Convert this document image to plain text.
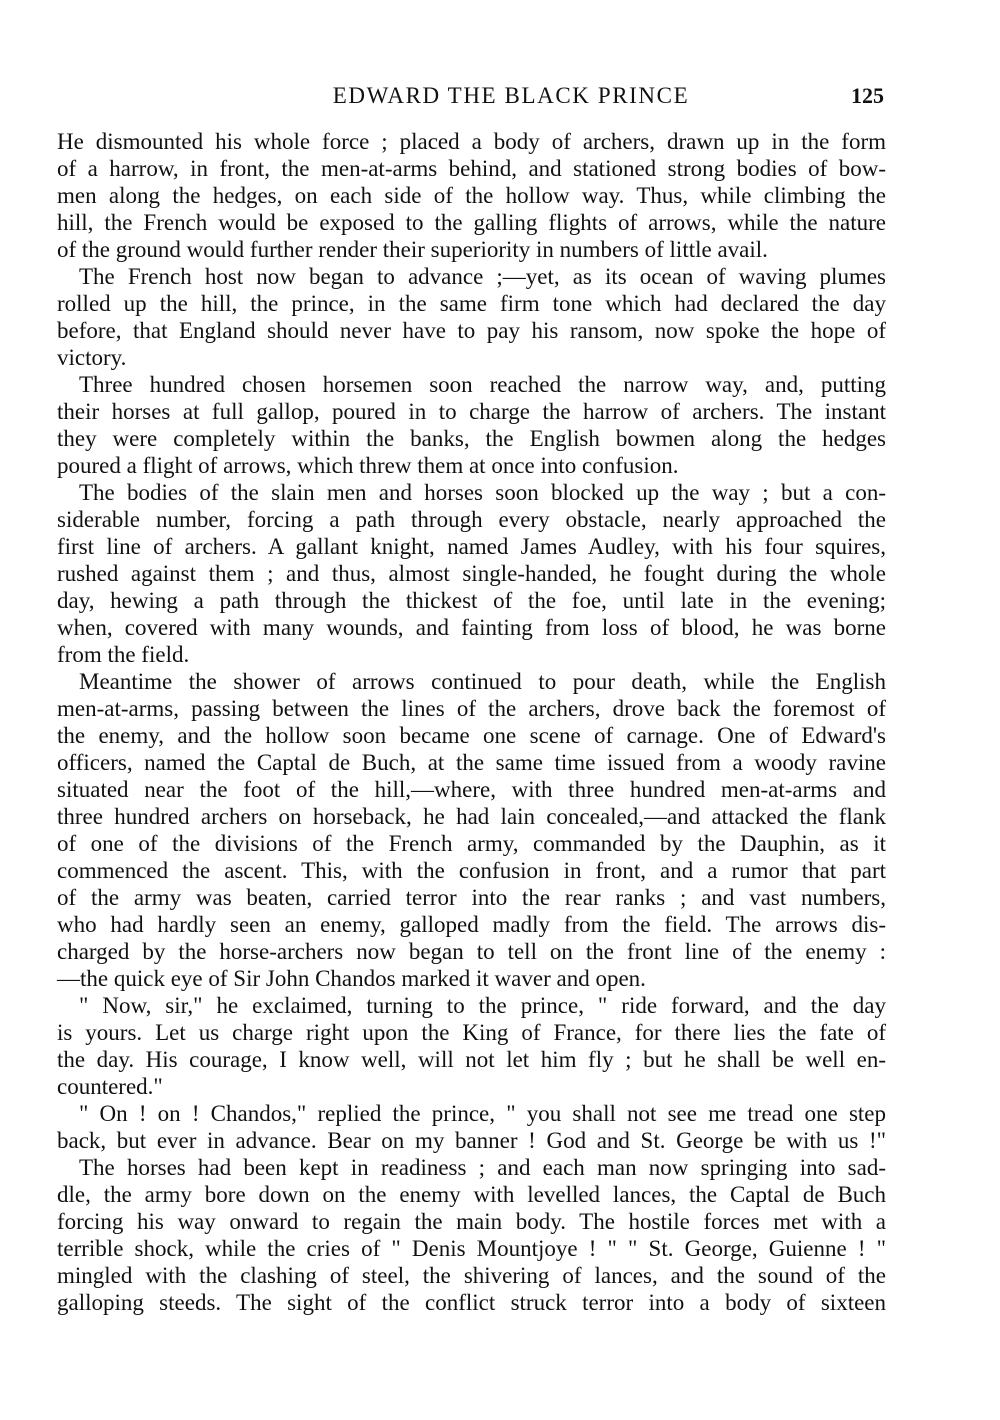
EDWARD THE BLACK PRINCE	125
He dismounted his whole force ; placed a body of archers, drawn up in the form
of a harrow, in front, the men-at-arms behind, and stationed strong bodies of bow-
men along the hedges, on each side of the hollow way. Thus, while climbing the
hill, the French would be exposed to the galling flights of arrows, while the nature
of the ground would further render their superiority in numbers of little avail.
The French host now began to advance ;—yet, as its ocean of waving plumes
rolled up the hill, the prince, in the same firm tone which had declared the day
before, that England should never have to pay his ransom, now spoke the hope of
victory.
Three hundred chosen horsemen soon reached the narrow way, and, putting
their horses at full gallop, poured in to charge the harrow of archers. The instant
they were completely within the banks, the English bowmen along the hedges
poured a flight of arrows, which threw them at once into confusion.
The bodies of the slain men and horses soon blocked up the way ; but a con-
siderable number, forcing a path through every obstacle, nearly approached the
first line of archers. A gallant knight, named James Audley, with his four squires,
rushed against them ; and thus, almost single-handed, he fought during the whole
day, hewing a path through the thickest of the foe, until late in the evening;
when, covered with many wounds, and fainting from loss of blood, he was borne
from the field.
Meantime the shower of arrows continued to pour death, while the English
men-at-arms, passing between the lines of the archers, drove back the foremost of
the enemy, and the hollow soon became one scene of carnage. One of Edward's
officers, named the Captal de Buch, at the same time issued from a woody ravine
situated near the foot of the hill,—where, with three hundred men-at-arms and
three hundred archers on horseback, he had lain concealed,—and attacked the flank
of one of the divisions of the French army, commanded by the Dauphin, as it
commenced the ascent. This, with the confusion in front, and a rumor that part
of the army was beaten, carried terror into the rear ranks ; and vast numbers,
who had hardly seen an enemy, galloped madly from the field. The arrows dis-
charged by the horse-archers now began to tell on the front line of the enemy :
—the quick eye of Sir John Chandos marked it waver and open.
" Now, sir," he exclaimed, turning to the prince, " ride forward, and the day
is yours. Let us charge right upon the King of France, for there lies the fate of
the day. His courage, I know well, will not let him fly ; but he shall be well en-
countered."
" On ! on ! Chandos," replied the prince, " you shall not see me tread one step
back, but ever in advance. Bear on my banner ! God and St. George be with us !"
The horses had been kept in readiness ; and each man now springing into sad-
dle, the army bore down on the enemy with levelled lances, the Captal de Buch
forcing his way onward to regain the main body. The hostile forces met with a
terrible shock, while the cries of " Denis Mountjoye ! " " St. George, Guienne ! "
mingled with the clashing of steel, the shivering of lances, and the sound of the
galloping steeds. The sight of the conflict struck terror into a body of sixteen
